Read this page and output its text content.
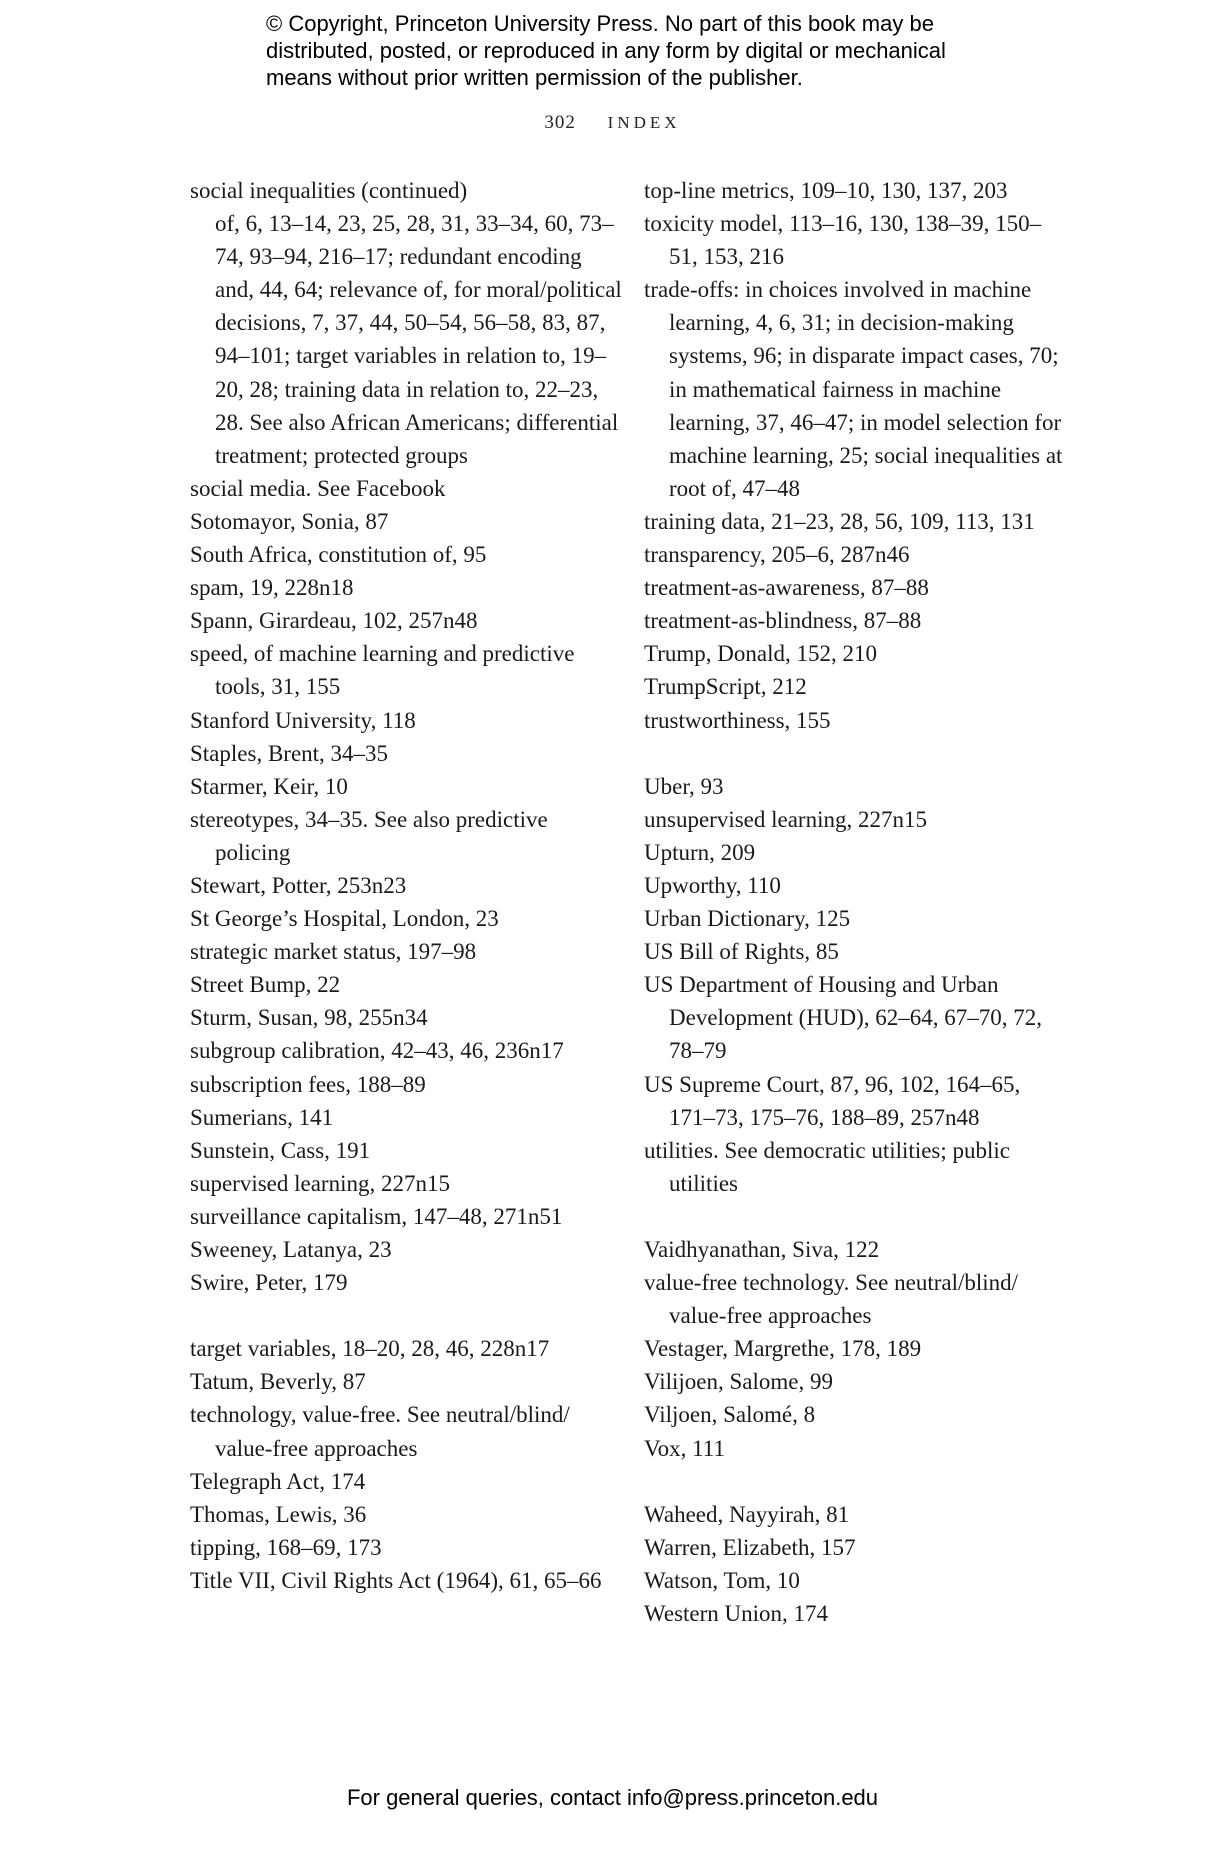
© Copyright, Princeton University Press. No part of this book may be
distributed, posted, or reproduced in any form by digital or mechanical
means without prior written permission of the publisher.
302 INDEX

social inequalities (continued)

of, 6, 13–14, 23, 25, 28, 31, 33–34, 60, 73–74, 93–94, 216–17; redundant encoding and, 44, 64; relevance of, for moral/political decisions, 7, 37, 44, 50–54, 56–58, 83, 87, 94–101; target variables in relation to, 19–20, 28; training data in relation to, 22–23, 28. See also African Americans; differential treatment; protected groups

social media. See Facebook

Sotomayor, Sonia, 87

South Africa, constitution of, 95

spam, 19, 228n18

Spann, Girardeau, 102, 257n48

speed, of machine learning and predictive tools, 31, 155

Stanford University, 118

Staples, Brent, 34–35

Starmer, Keir, 10

stereotypes, 34–35. See also predictive policing

Stewart, Potter, 253n23

St George’s Hospital, London, 23

strategic market status, 197–98

Street Bump, 22

Sturm, Susan, 98, 255n34

subgroup calibration, 42–43, 46, 236n17

subscription fees, 188–89

Sumerians, 141

Sunstein, Cass, 191

supervised learning, 227n15

surveillance capitalism, 147–48, 271n51

Sweeney, Latanya, 23

Swire, Peter, 179

target variables, 18–20, 28, 46, 228n17

Tatum, Beverly, 87

technology, value-free. See neutral/blind/ value-free approaches

Telegraph Act, 174

Thomas, Lewis, 36

tipping, 168–69, 173

Title VII, Civil Rights Act (1964), 61, 65–66

top-line metrics, 109–10, 130, 137, 203

toxicity model, 113–16, 130, 138–39, 150–51, 153, 216

trade-offs: in choices involved in machine learning, 4, 6, 31; in decision-making systems, 96; in disparate impact cases, 70; in mathematical fairness in machine learning, 37, 46–47; in model selection for machine learning, 25; social inequalities at root of, 47–48

training data, 21–23, 28, 56, 109, 113, 131

transparency, 205–6, 287n46

treatment-as-awareness, 87–88

treatment-as-blindness, 87–88

Trump, Donald, 152, 210

TrumpScript, 212

trustworthiness, 155

Uber, 93

unsupervised learning, 227n15

Upturn, 209

Upworthy, 110

Urban Dictionary, 125

US Bill of Rights, 85

US Department of Housing and Urban Development (HUD), 62–64, 67–70, 72, 78–79

US Supreme Court, 87, 96, 102, 164–65, 171–73, 175–76, 188–89, 257n48

utilities. See democratic utilities; public utilities

Vaidhyanathan, Siva, 122

value-free technology. See neutral/blind/ value-free approaches

Vestager, Margrethe, 178, 189

Vilijoen, Salome, 99

Viljoen, Salomé, 8

Vox, 111

Waheed, Nayyirah, 81

Warren, Elizabeth, 157

Watson, Tom, 10

Western Union, 174

For general queries, contact info@press.princeton.edu
